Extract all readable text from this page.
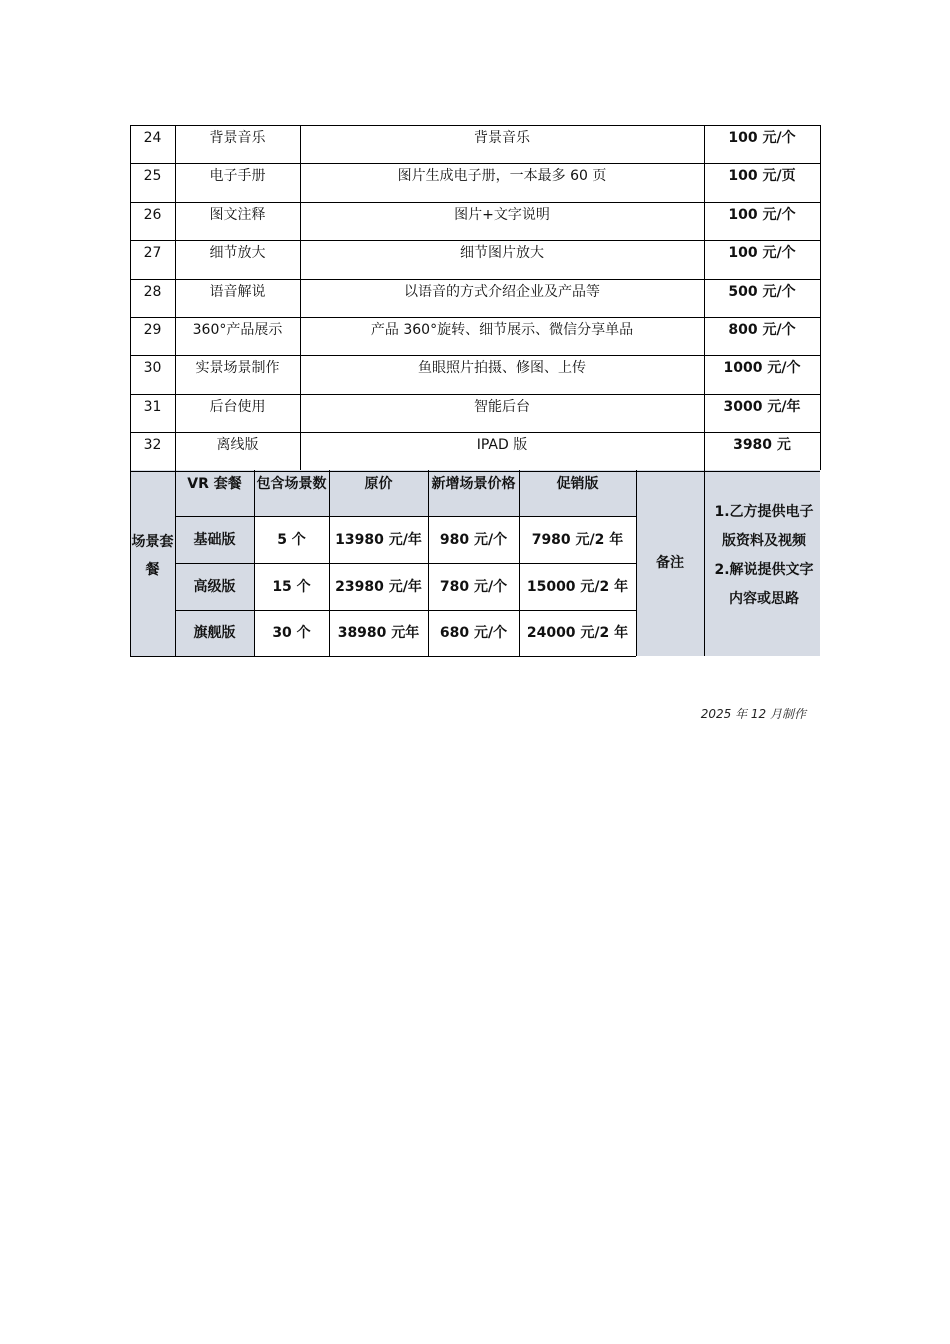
24	背景音乐	背景音乐	100 元/个
25	电子手册	图片生成电子册，一本最多 60 页	100 元/页
26	图文注释	图片+文字说明	100 元/个
27	细节放大	细节图片放大	100 元/个
28	语音解说	以语音的方式介绍企业及产品等	500 元/个
29	360°产品展示	产品 360°旋转、细节展示、微信分享单品	800 元/个
30	实景场景制作	鱼眼照片拍摄、修图、上传	1000 元/个
31	后台使用	智能后台	3000 元/年
32	离线版	IPAD 版	3980 元
场景套餐
VR 套餐	包含场景数	原价	新增场景价格	促销版
基础版	5 个	13980 元/年	980 元/个	7980 元/2 年
高级版	15 个	23980 元/年	780 元/个	15000 元/2 年
旗舰版	30 个	38980 元年	680 元/个	24000 元/2 年
备注
1.乙方提供电子
版资料及视频
2.解说提供文字
内容或思路
2025 年 12 月制作
